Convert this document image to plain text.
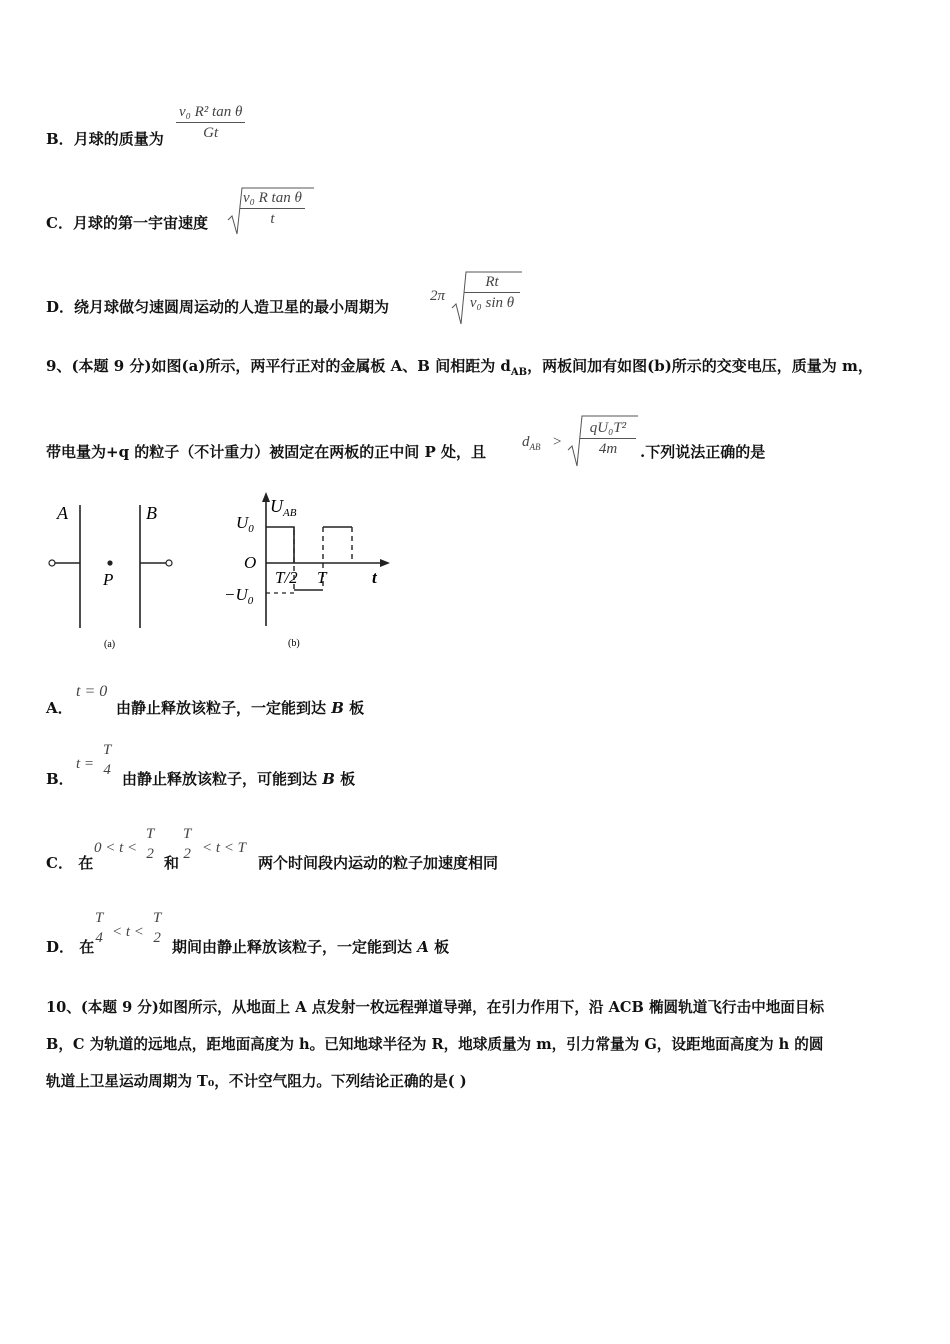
B．月球的质量为 $\frac{\text{v₀ R² tan θ}}{Gt}$
C．月球的第一宇宙速度 $\frac{\text{v₀ R tan θ}}{t}$
D．绕月球做匀速圆周运动的人造卫星的最小周期为
$2\pi \frac{Rt}{\text{v₀ sin θ}}$
9、(本题 9 分)如图(a)所示，两平行正对的金属板 A、B 间相距为 $d_{AB}$，两板间加有如图(b)所示的交变电压，质量为 m，
带电量为+q 的粒子（不计重力）被固定在两板的正中间 P 处，且
$d_{AB} > \frac{\text{qU₀T²}}{4m}$ .下列说法正确的是
A	B
P
(a)
$U_{AB}$
$U_0$
O
$-U_0$
T/2 T	t
(b)
A．
t = 0
由静止释放该粒子，一定能到达 B 板
B．
t =
T
4 由静止释放该粒子，可能到达 B 板
C． 在
0 < t <
T
2 和
T
2 < t < T
两个时间段内运动的粒子加速度相同
D． 在
T
4 < t <
T
2 期间由静止释放该粒子，一定能到达 A 板
10、(本题 9 分)如图所示，从地面上 A 点发射一枚远程弹道导弹，在引力作用下，沿 ACB 椭圆轨道飞行击中地面目标
B，C 为轨道的远地点，距地面高度为 h。已知地球半径为 R，地球质量为 m，引力常量为 G，设距地面高度为 h 的圆
轨道上卫星运动周期为 T₀，不计空气阻力。下列结论正确的是( )
